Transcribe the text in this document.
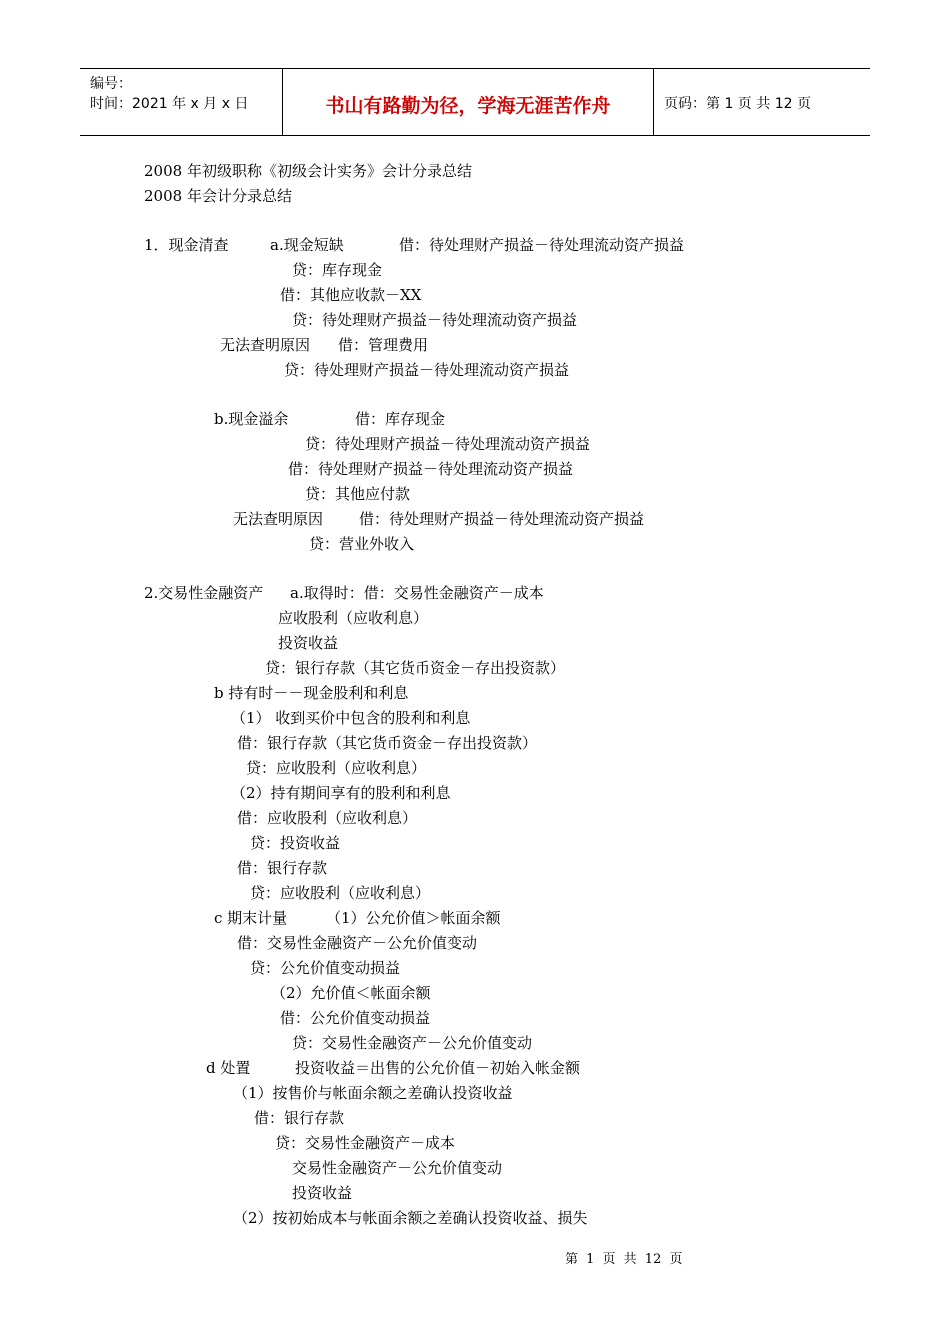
编号：
时间：2021 年 x 月 x 日	书山有路勤为径，学海无涯苦作舟	页码：第 1 页 共 12 页
2008 年初级职称《初级会计实务》会计分录总结
2008 年会计分录总结
1．现金清查	a.现金短缺	借：待处理财产损益－待处理流动资产损益
贷：库存现金
借：其他应收款－XX
贷：待处理财产损益－待处理流动资产损益
无法查明原因 借：管理费用
贷：待处理财产损益－待处理流动资产损益
b.现金溢余	借：库存现金
贷：待处理财产损益－待处理流动资产损益
借：待处理财产损益－待处理流动资产损益
贷：其他应付款
无法查明原因 借：待处理财产损益－待处理流动资产损益
贷：营业外收入
2.交易性金融资产 a.取得时：借：交易性金融资产－成本
应收股利（应收利息）
投资收益
贷：银行存款（其它货币资金－存出投资款）
b 持有时－－现金股利和利息
（1） 收到买价中包含的股利和利息
借：银行存款（其它货币资金－存出投资款）
贷：应收股利（应收利息）
（2）持有期间享有的股利和利息
借：应收股利（应收利息）
贷：投资收益
借：银行存款
贷：应收股利（应收利息）
c 期末计量	（1）公允价值＞帐面余额
借：交易性金融资产－公允价值变动
贷：公允价值变动损益
（2）允价值＜帐面余额
借：公允价值变动损益
贷：交易性金融资产－公允价值变动
d 处置	投资收益＝出售的公允价值－初始入帐金额
（1）按售价与帐面余额之差确认投资收益
借：银行存款
贷：交易性金融资产－成本
交易性金融资产－公允价值变动
投资收益
（2）按初始成本与帐面余额之差确认投资收益、损失
第 1 页 共 12 页
